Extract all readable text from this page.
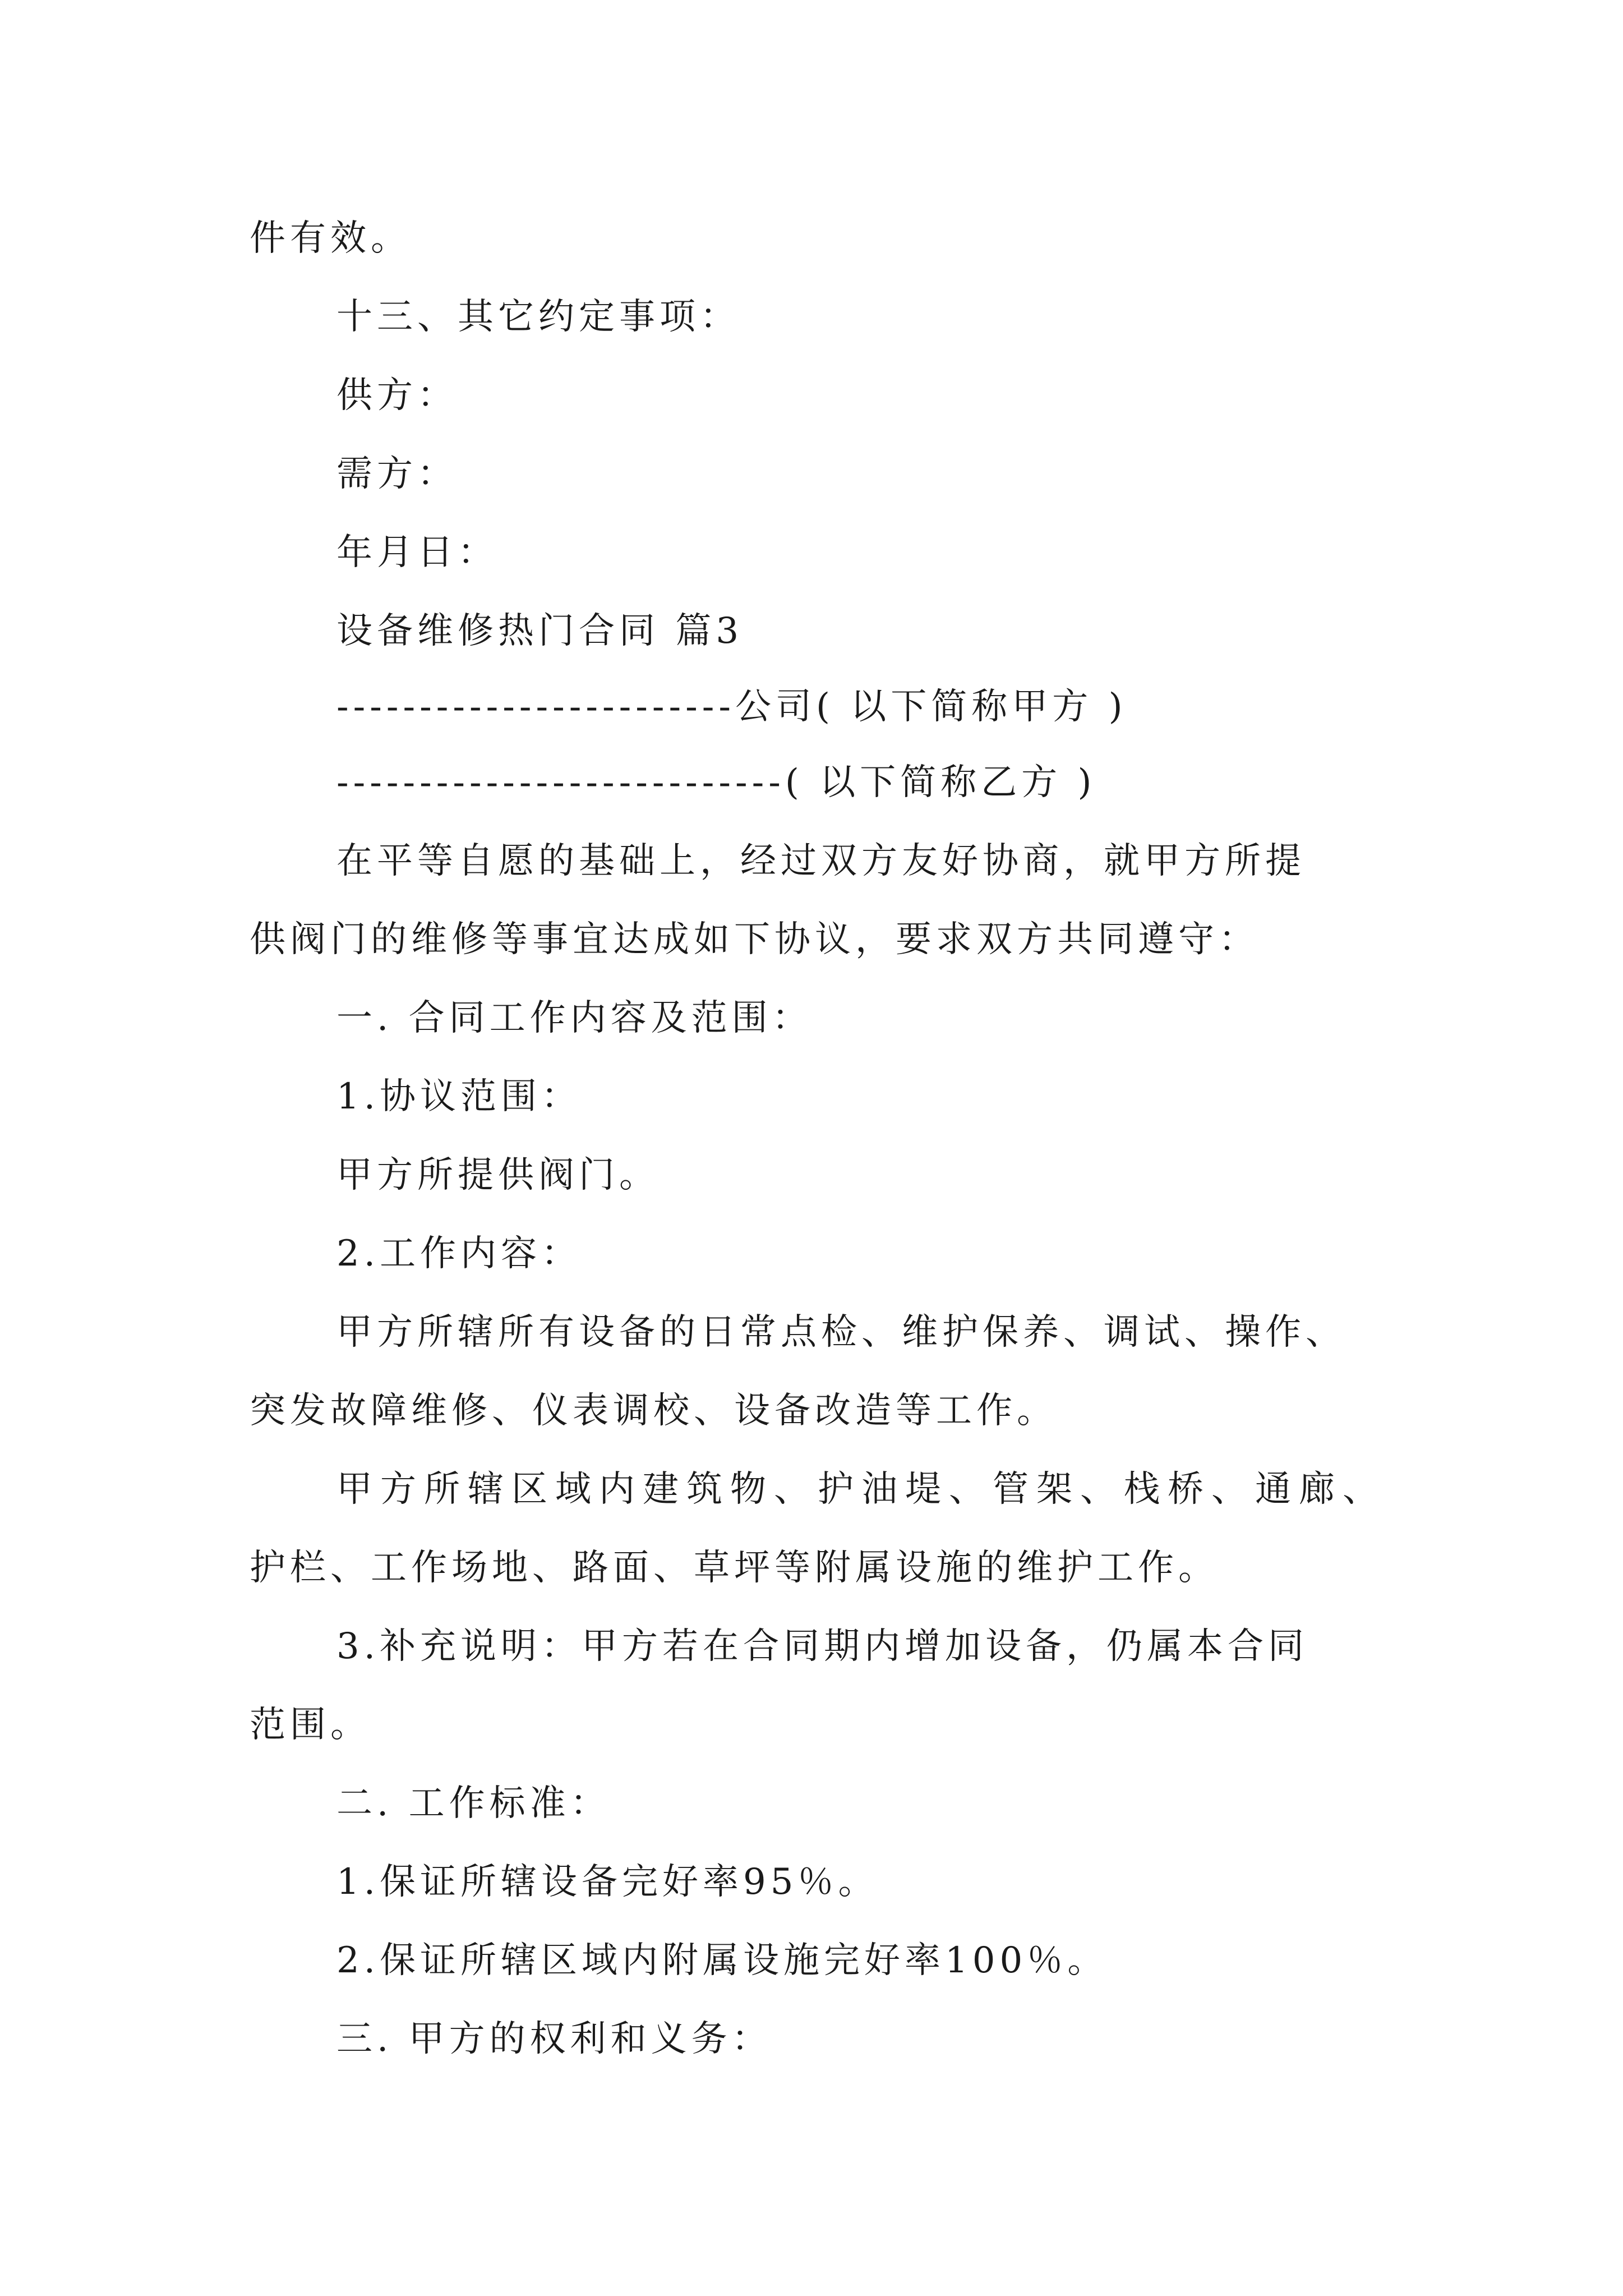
件有效。
十三、其它约定事项：
供方：
需方：
年月日：
设备维修热门合同 篇3
------------------------公司( 以下简称甲方 )
---------------------------( 以下简称乙方 )
在平等自愿的基础上，经过双方友好协商，就甲方所提
供阀门的维修等事宜达成如下协议，要求双方共同遵守：
一. 合同工作内容及范围：
1.协议范围：
甲方所提供阀门。
2.工作内容：
甲方所辖所有设备的日常点检、维护保养、调试、操作、
突发故障维修、仪表调校、设备改造等工作。
甲方所辖区域内建筑物、护油堤、管架、栈桥、通廊、
护栏、工作场地、路面、草坪等附属设施的维护工作。
3.补充说明：甲方若在合同期内增加设备，仍属本合同
范围。
二. 工作标准：
1.保证所辖设备完好率95％。
2.保证所辖区域内附属设施完好率100％。
三. 甲方的权利和义务：
